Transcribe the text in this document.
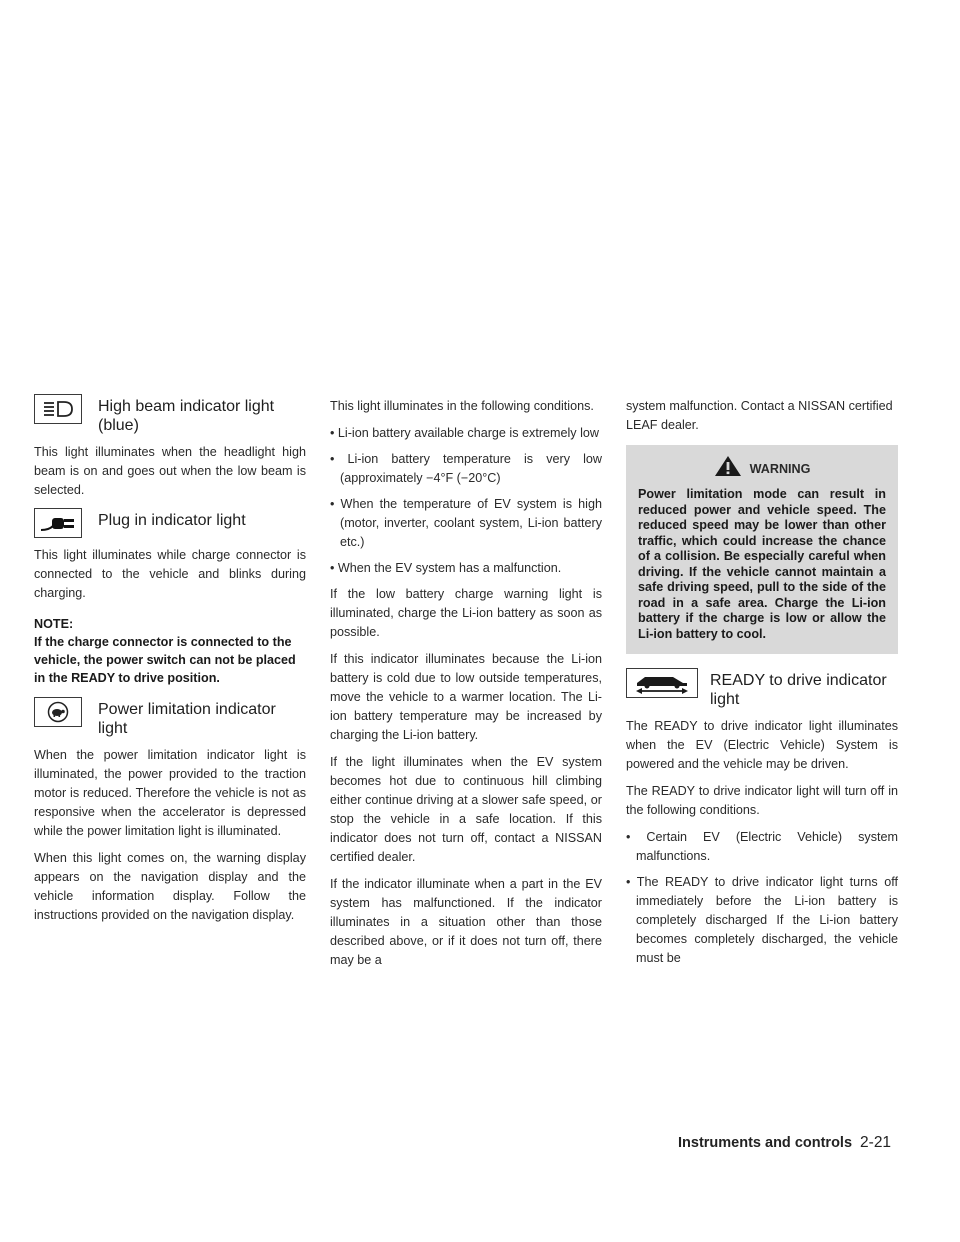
High beam indicator light (blue)

This light illuminates when the headlight high beam is on and goes out when the low beam is selected.

Plug in indicator light

This light illuminates while charge connector is connected to the vehicle and blinks during charging.

NOTE:
If the charge connector is connected to the vehicle, the power switch can not be placed in the READY to drive position.
Power limitation indicator light

When the power limitation indicator light is illuminated, the power provided to the traction motor is reduced. Therefore the vehicle is not as responsive when the accelerator is depressed while the power limitation light is illuminated.

When this light comes on, the warning display appears on the navigation display and the vehicle information display. Follow the instructions provided on the navigation display.

This light illuminates in the following conditions.

• Li-ion battery available charge is extremely low
• Li-ion battery temperature is very low (approximately −4°F (−20°C)
• When the temperature of EV system is high (motor, inverter, coolant system, Li-ion battery etc.)
• When the EV system has a malfunction.

If the low battery charge warning light is illuminated, charge the Li-ion battery as soon as possible.

If this indicator illuminates because the Li-ion battery is cold due to low outside temperatures, move the vehicle to a warmer location. The Li-ion battery temperature may be increased by charging the Li-ion battery.

If the light illuminates when the EV system becomes hot due to continuous hill climbing either continue driving at a slower safe speed, or stop the vehicle in a safe location. If this indicator does not turn off, contact a NISSAN certified dealer.

If the indicator illuminate when a part in the EV system has malfunctioned. If the indicator illuminates in a situation other than those described above, or if it does not turn off, there may be a

system malfunction. Contact a NISSAN certified LEAF dealer.

WARNING
Power limitation mode can result in reduced power and vehicle speed. The reduced speed may be lower than other traffic, which could increase the chance of a collision. Be especially careful when driving. If the vehicle cannot maintain a safe driving speed, pull to the side of the road in a safe area. Charge the Li-ion battery if the charge is low or allow the Li-ion battery to cool.
READY to drive indicator light

The READY to drive indicator light illuminates when the EV (Electric Vehicle) System is powered and the vehicle may be driven.

The READY to drive indicator light will turn off in the following conditions.

• Certain EV (Electric Vehicle) system malfunctions.
• The READY to drive indicator light turns off immediately before the Li-ion battery is completely discharged If the Li-ion battery becomes completely discharged, the vehicle must be
Instruments and controls 2-21
